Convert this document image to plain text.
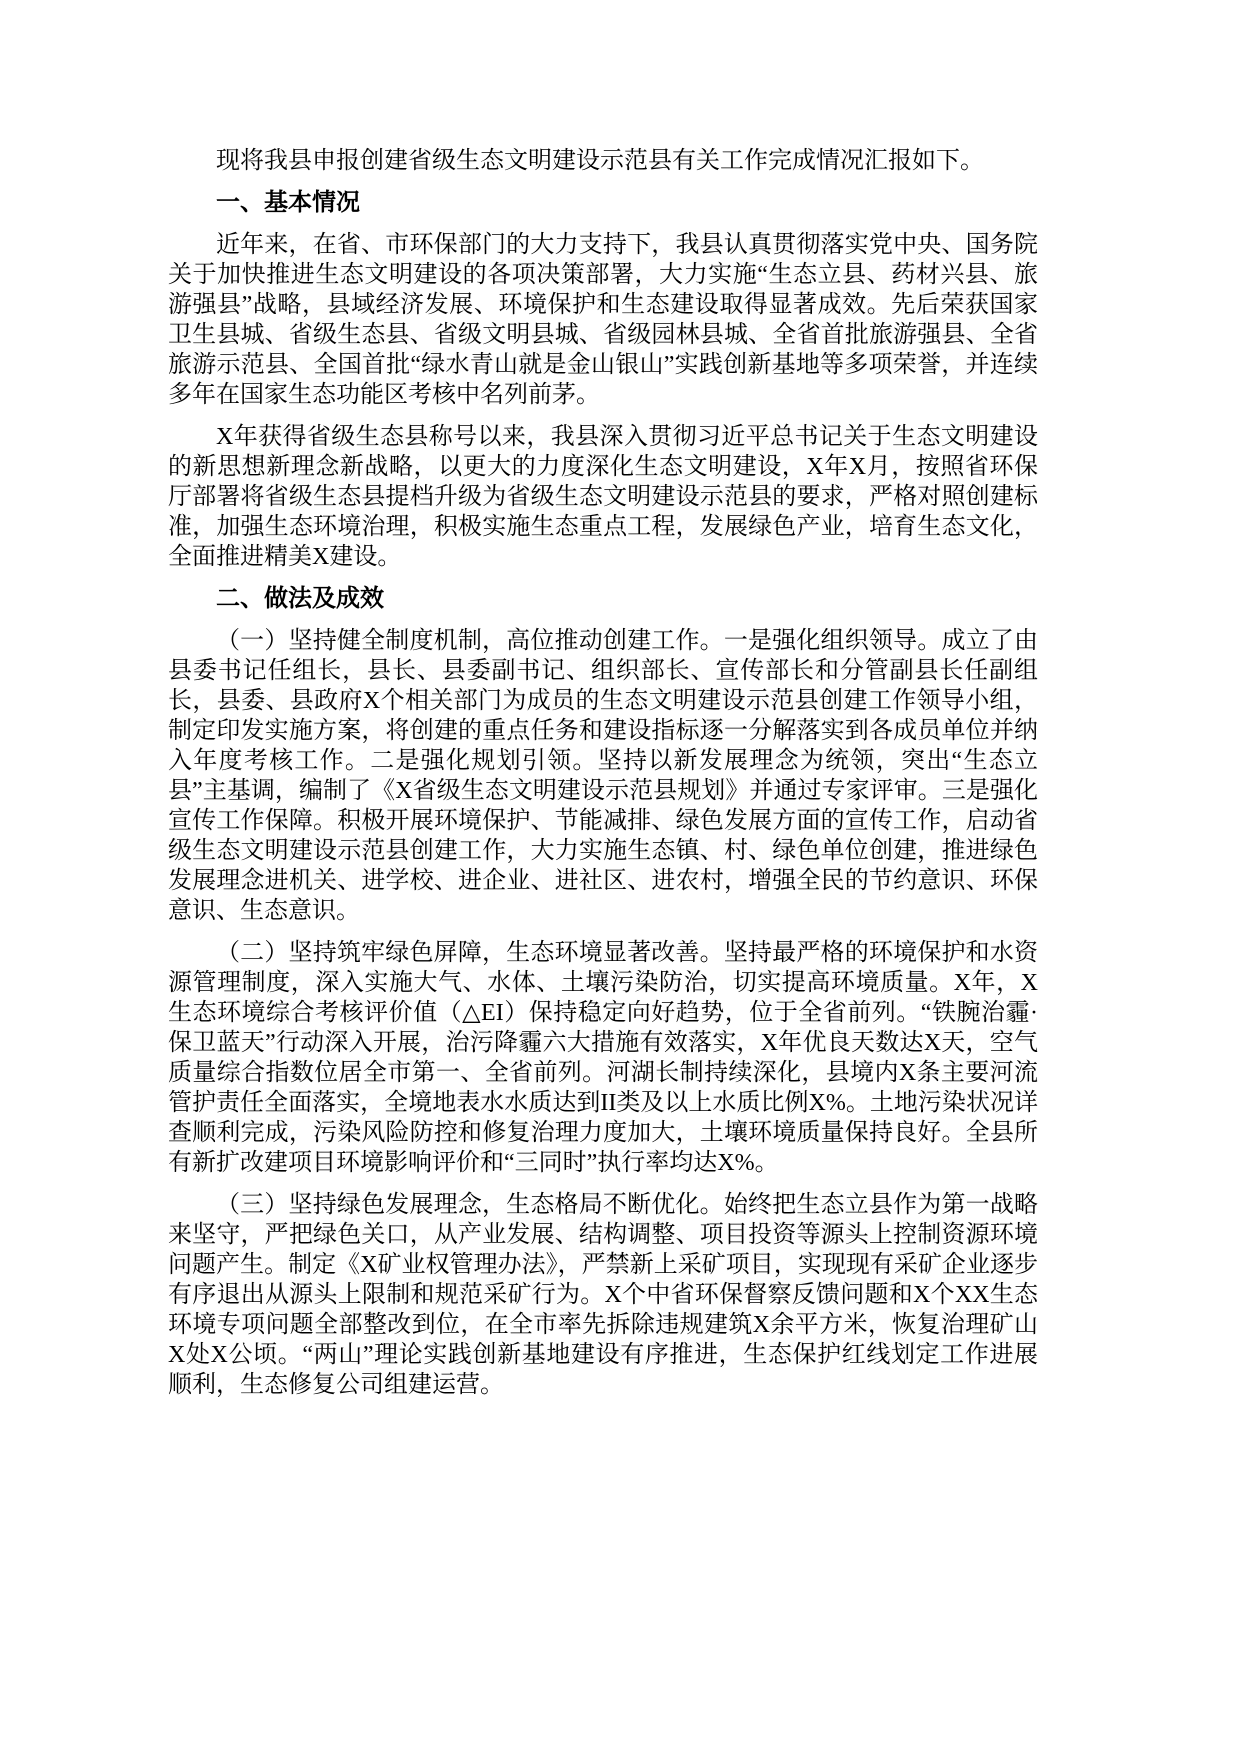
现将我县申报创建省级生态文明建设示范县有关工作完成情况汇报如下。

一、基本情况

近年来，在省、市环保部门的大力支持下，我县认真贯彻落实党中央、国务院关于加快推进生态文明建设的各项决策部署，大力实施“生态立县、药材兴县、旅游强县”战略，县域经济发展、环境保护和生态建设取得显著成效。先后荣获国家卫生县城、省级生态县、省级文明县城、省级园林县城、全省首批旅游强县、全省旅游示范县、全国首批“绿水青山就是金山银山”实践创新基地等多项荣誉，并连续多年在国家生态功能区考核中名列前茅。

X年获得省级生态县称号以来，我县深入贯彻习近平总书记关于生态文明建设的新思想新理念新战略，以更大的力度深化生态文明建设，X年X月，按照省环保厅部署将省级生态县提档升级为省级生态文明建设示范县的要求，严格对照创建标准，加强生态环境治理，积极实施生态重点工程，发展绿色产业，培育生态文化，全面推进精美X建设。

二、做法及成效

（一）坚持健全制度机制，高位推动创建工作。一是强化组织领导。成立了由县委书记任组长，县长、县委副书记、组织部长、宣传部长和分管副县长任副组长，县委、县政府X个相关部门为成员的生态文明建设示范县创建工作领导小组，制定印发实施方案，将创建的重点任务和建设指标逐一分解落实到各成员单位并纳入年度考核工作。二是强化规划引领。坚持以新发展理念为统领，突出“生态立县”主基调，编制了《X省级生态文明建设示范县规划》并通过专家评审。三是强化宣传工作保障。积极开展环境保护、节能减排、绿色发展方面的宣传工作，启动省级生态文明建设示范县创建工作，大力实施生态镇、村、绿色单位创建，推进绿色发展理念进机关、进学校、进企业、进社区、进农村，增强全民的节约意识、环保意识、生态意识。

（二）坚持筑牢绿色屏障，生态环境显著改善。坚持最严格的环境保护和水资源管理制度，深入实施大气、水体、土壤污染防治，切实提高环境质量。X年，X生态环境综合考核评价值（△EI）保持稳定向好趋势，位于全省前列。“铁腕治霾·保卫蓝天”行动深入开展，治污降霾六大措施有效落实，X年优良天数达X天，空气质量综合指数位居全市第一、全省前列。河湖长制持续深化，县境内X条主要河流管护责任全面落实，全境地表水水质达到II类及以上水质比例X%。土地污染状况详查顺利完成，污染风险防控和修复治理力度加大，土壤环境质量保持良好。全县所有新扩改建项目环境影响评价和“三同时”执行率均达X%。

（三）坚持绿色发展理念，生态格局不断优化。始终把生态立县作为第一战略来坚守，严把绿色关口，从产业发展、结构调整、项目投资等源头上控制资源环境问题产生。制定《X矿业权管理办法》，严禁新上采矿项目，实现现有采矿企业逐步有序退出从源头上限制和规范采矿行为。X个中省环保督察反馈问题和X个XX生态环境专项问题全部整改到位，在全市率先拆除违规建筑X余平方米，恢复治理矿山X处X公顷。“两山”理论实践创新基地建设有序推进，生态保护红线划定工作进展顺利，生态修复公司组建运营。
